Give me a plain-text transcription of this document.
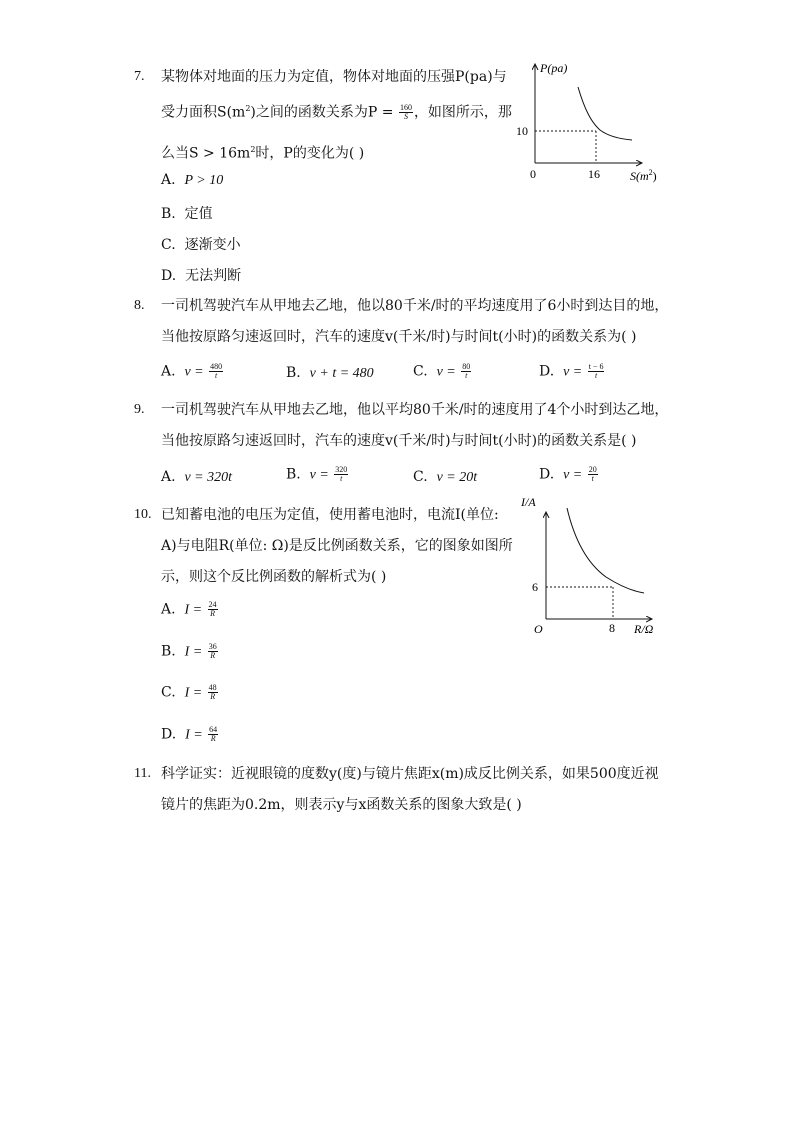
7. 某物体对地面的压力为定值，物体对地面的压强P(pa)与
受力面积$S(m^2)$之间的函数关系为$P = \frac{160}{S}$ ，如图所示，那
么当$S > 16m^2$时，P的变化为( )
A. P > 10
B. 定值
C. 逐渐变小
D. 无法判断
P(pa)
10
0	16	$S(m^2)$
8. 一司机驾驶汽车从甲地去乙地，他以80千米/时的平均速度用了6小时到达目的地，
当他按原路匀速返回时，汽车的速度v(千米/时)与时间t(小时)的函数关系为( )
A. $v = \frac{480}{t}$	B. v + t = 480	C. $v = \frac{80}{t}$	D. $v = \frac{t - 6}{t}$
9. 一司机驾驶汽车从甲地去乙地，他以平均80千米/时的速度用了4个小时到达乙地，
当他按原路匀速返回时，汽车的速度v(千米/时)与时间t(小时)的函数关系是( )
A. v = 320t	B. $v = \frac{320}{t}$	C. v = 20t	D. $v = \frac{20}{t}$
10. 已知蓄电池的电压为定值，使用蓄电池时，电流I(单位:
A)与电阻R(单位: Ω)是反比例函数关系，它的图象如图所
示，则这个反比例函数的解析式为( )
A. $I = \frac{24}{R}$
B. $I = \frac{36}{R}$
C. $I = \frac{48}{R}$
D. $I = \frac{64}{R}$
I/A
6
O	8 R/Ω
11. 科学证实：近视眼镜的度数y(度)与镜片焦距x(m)成反比例关系，如果500度近视
镜片的焦距为0.2m，则表示y与x函数关系的图象大致是( )
